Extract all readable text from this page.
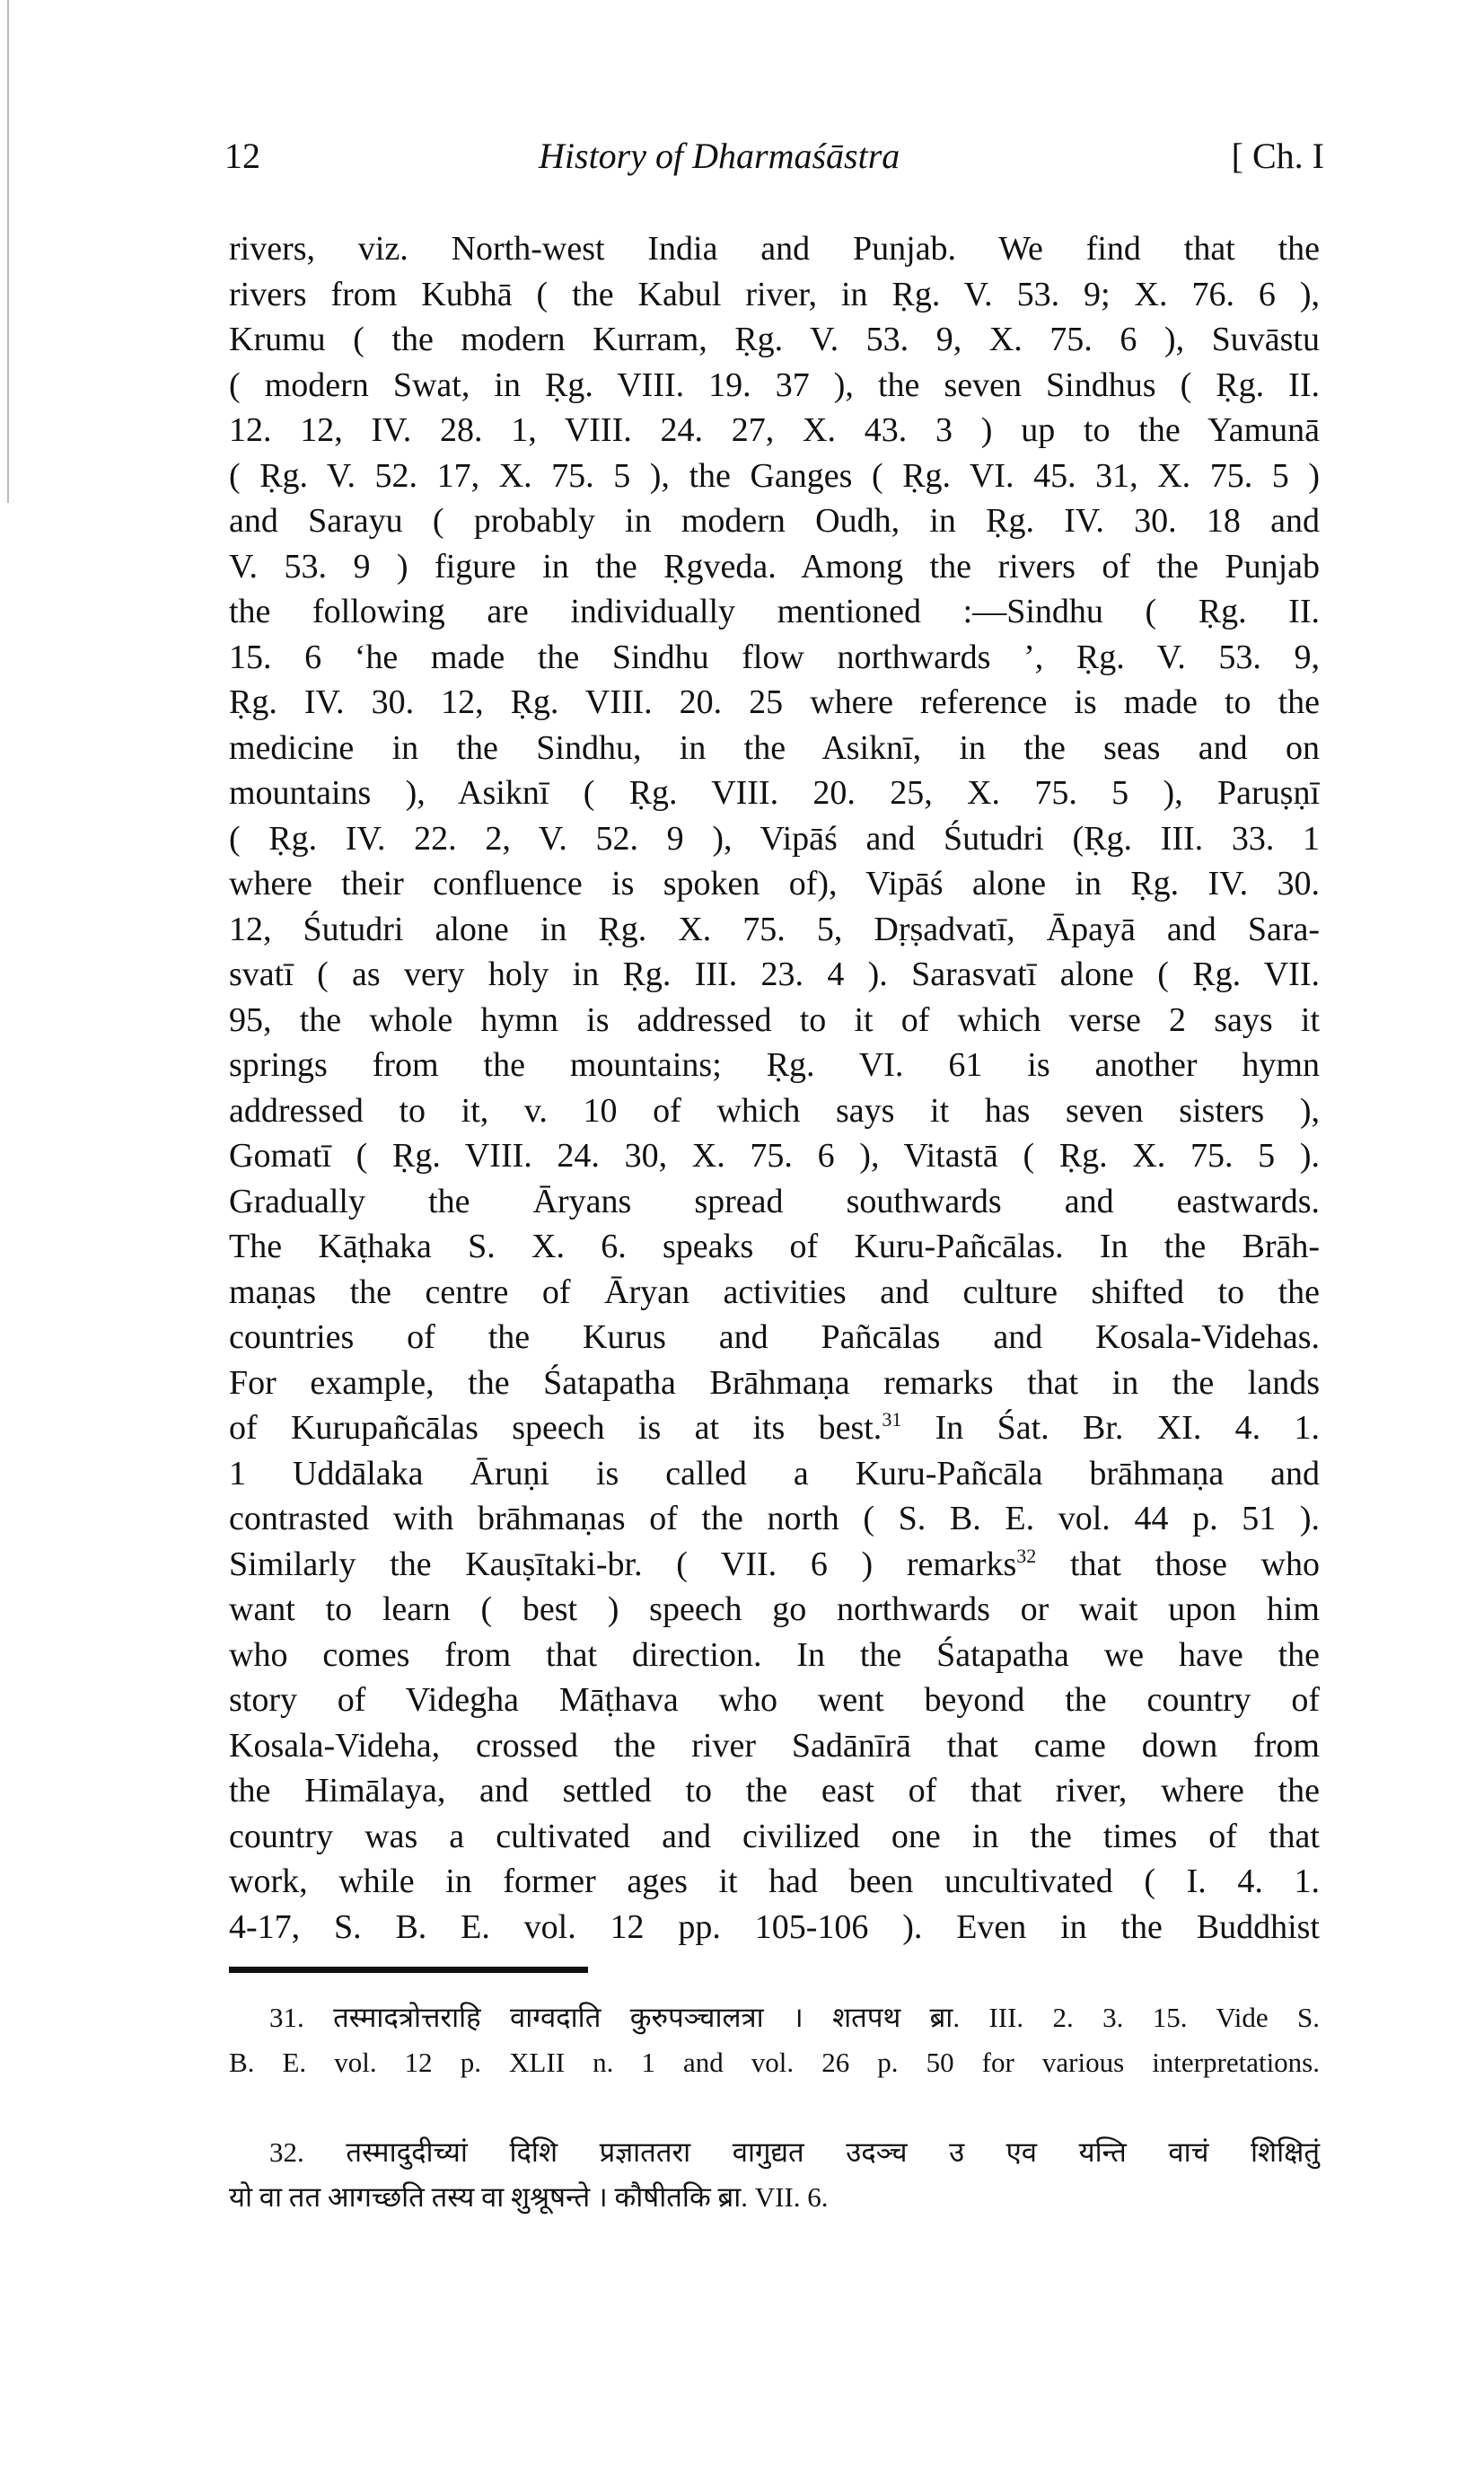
12	History of Dharmaśāstra	[ Ch. I
rivers, viz. North-west India and Punjab. We find that the
rivers from Kubhā ( the Kabul river, in Ṛg. V. 53. 9; X. 76. 6 ),
Krumu ( the modern Kurram, Ṛg. V. 53. 9, X. 75. 6 ), Suvāstu
( modern Swat, in Ṛg. VIII. 19. 37 ), the seven Sindhus ( Ṛg. II.
12. 12, IV. 28. 1, VIII. 24. 27, X. 43. 3 ) up to the Yamunā
( Ṛg. V. 52. 17, X. 75. 5 ), the Ganges ( Ṛg. VI. 45. 31, X. 75. 5 )
and Sarayu ( probably in modern Oudh, in Ṛg. IV. 30. 18 and
V. 53. 9 ) figure in the Ṛgveda. Among the rivers of the Punjab
the following are individually mentioned :—Sindhu ( Ṛg. II.
15. 6 ‘he made the Sindhu flow northwards ’, Ṛg. V. 53. 9,
Ṛg. IV. 30. 12, Ṛg. VIII. 20. 25 where reference is made to the
medicine in the Sindhu, in the Asiknī, in the seas and on
mountains ), Asiknī ( Ṛg. VIII. 20. 25, X. 75. 5 ), Paruṣṇī
( Ṛg. IV. 22. 2, V. 52. 9 ), Vipāś and Śutudri (Ṛg. III. 33. 1
where their confluence is spoken of), Vipāś alone in Ṛg. IV. 30.
12, Śutudri alone in Ṛg. X. 75. 5, Dṛṣadvatī, Āpayā and Sara-
svatī ( as very holy in Ṛg. III. 23. 4 ). Sarasvatī alone ( Ṛg. VII.
95, the whole hymn is addressed to it of which verse 2 says it
springs from the mountains; Ṛg. VI. 61 is another hymn
addressed to it, v. 10 of which says it has seven sisters ),
Gomatī ( Ṛg. VIII. 24. 30, X. 75. 6 ), Vitastā ( Ṛg. X. 75. 5 ).
Gradually the Āryans spread southwards and eastwards.
The Kāṭhaka S. X. 6. speaks of Kuru-Pañcālas. In the Brāh-
maṇas the centre of Āryan activities and culture shifted to the
countries of the Kurus and Pañcālas and Kosala-Videhas.
For example, the Śatapatha Brāhmaṇa remarks that in the lands
of Kurupañcālas speech is at its best.$^{31}$ In Śat. Br. XI. 4. 1.
1 Uddālaka Āruṇi is called a Kuru-Pañcāla brāhmaṇa and
contrasted with brāhmaṇas of the north ( S. B. E. vol. 44 p. 51 ).
Similarly the Kauṣītaki-br. ( VII. 6 ) remarks$^{32}$ that those who
want to learn ( best ) speech go northwards or wait upon him
who comes from that direction. In the Śatapatha we have the
story of Videgha Māṭhava who went beyond the country of
Kosala-Videha, crossed the river Sadānīrā that came down from
the Himālaya, and settled to the east of that river, where the
country was a cultivated and civilized one in the times of that
work, while in former ages it had been uncultivated ( I. 4. 1.
4-17, S. B. E. vol. 12 pp. 105-106 ). Even in the Buddhist
31. तस्मादत्रोत्तराहि वाग्वदाति कुरुपञ्चालत्रा । शतपथ ब्रा. III. 2. 3. 15. Vide S.
B. E. vol. 12 p. XLII n. 1 and vol. 26 p. 50 for various interpretations.
32. तस्मादुदीच्यां दिशि प्रज्ञाततरा वागुद्यत उदञ्च उ एव यन्ति वाचं शिक्षितुं
यो वा तत आगच्छति तस्य वा शुश्रूषन्ते । कौषीतकि ब्रा. VII. 6.
